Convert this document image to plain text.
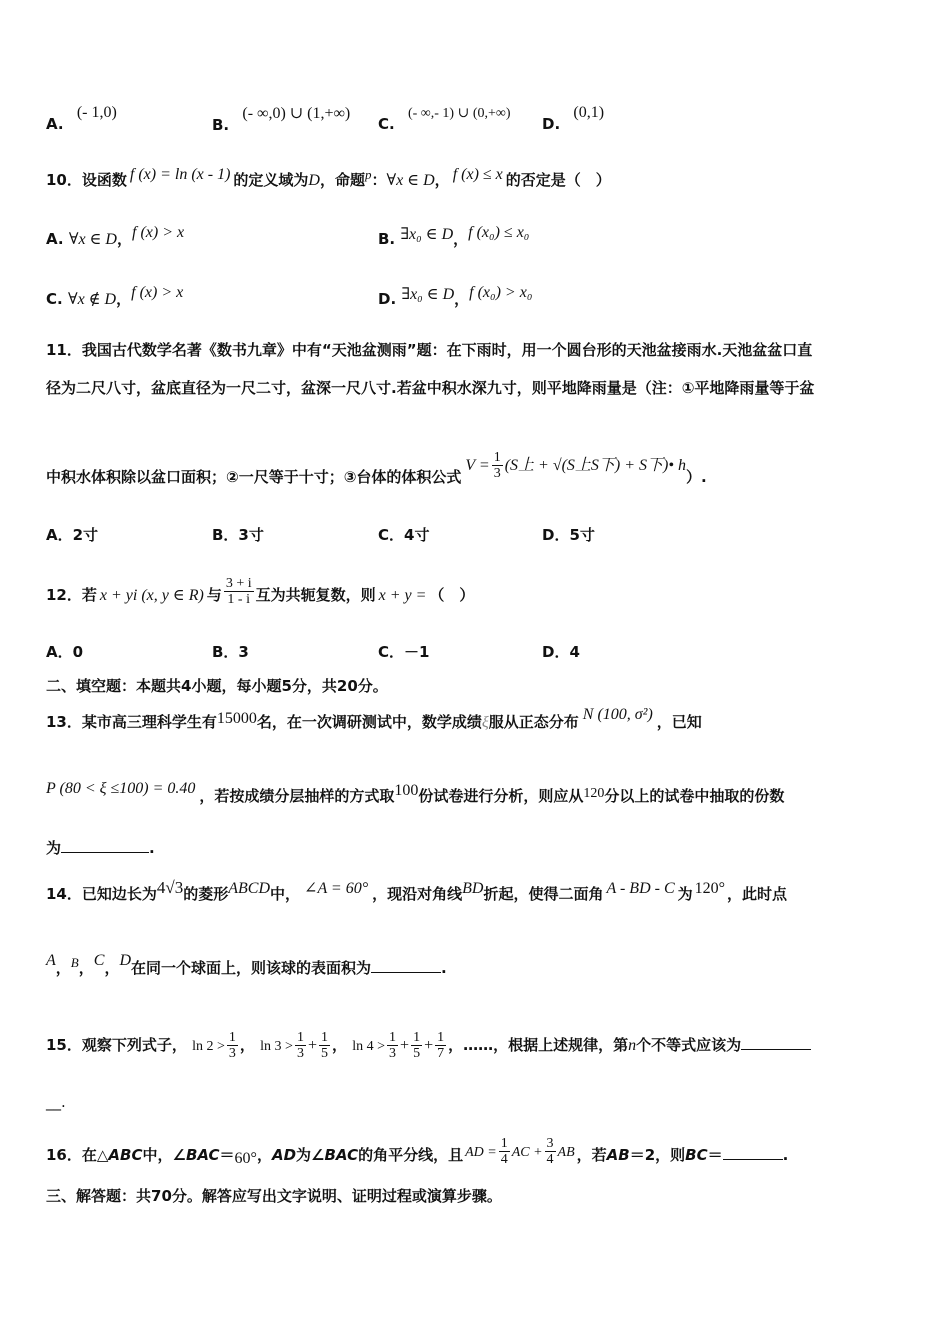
A. (- 1,0)
B. (- ∞,0) ∪ (1,+∞)
C. (- ∞,- 1) ∪ (0,+∞)
D. (0,1)
10．设函数 f (x) = ln (x - 1) 的定义域为D，命题p：∀x ∈ D， f (x) ≤ x 的否定是（　）
A. ∀x ∈ D，f (x) > x	B. ∃x₀ ∈ D，f (x₀) ≤ x₀
C. ∀x ∉ D，f (x) > x	D. ∃x₀ ∈ D，f (x₀) > x₀
11．我国古代数学名著《数书九章》中有“天池盆测雨”题：在下雨时，用一个圆台形的天池盆接雨水.天池盆盆口直
径为二尺八寸，盆底直径为一尺二寸，盆深一尺八寸.若盆中积水深九寸，则平地降雨量是（注：①平地降雨量等于盆
中积水体积除以盆口面积；②一尺等于十寸；③台体的体积公式$V = \frac{1}{3} (S$上 + √(S上S下) + S下)• h）.
A．2寸	B．3寸	C．4寸	D．5寸
12．若 x + yi (x, y ∈ R) 与 $\frac{3 + i}{1 - i}$ 互为共轭复数，则 x + y = （　）
A．0	B．3	C．－1	D．4
二、填空题：本题共4小题，每小题5分，共20分。
13．某市高三理科学生有15000名，在一次调研测试中，数学成绩ξ服从正态分布 N (100, σ²) ，已知
P (80 < ξ ≤100) = 0.40 ，若按成绩分层抽样的方式取100份试卷进行分析，则应从120分以上的试卷中抽取的份数
为	.
14．已知边长为4√3的菱形ABCD中， ∠A = 60° ，现沿对角线BD折起，使得二面角 A - BD - C 为 120° ，此时点
A，B，C，D在同一个球面上，则该球的表面积为	.
15．观察下列式子， $\ln 2 > \frac{1}{3}$ ， $\ln 3 > \frac{1}{3} + \frac{1}{5}$ ， $\ln 4 > \frac{1}{3} + \frac{1}{5} + \frac{1}{7}$ ，……，根据上述规律，第n个不等式应该为
__.
16．在△ABC中，∠BAC＝60°，AD为∠BAC的角平分线，且 AD = $\frac{1}{4}$ AC + $\frac{3}{4}$ AB ，若AB＝2，则BC＝	.
三、解答题：共70分。解答应写出文字说明、证明过程或演算步骤。
